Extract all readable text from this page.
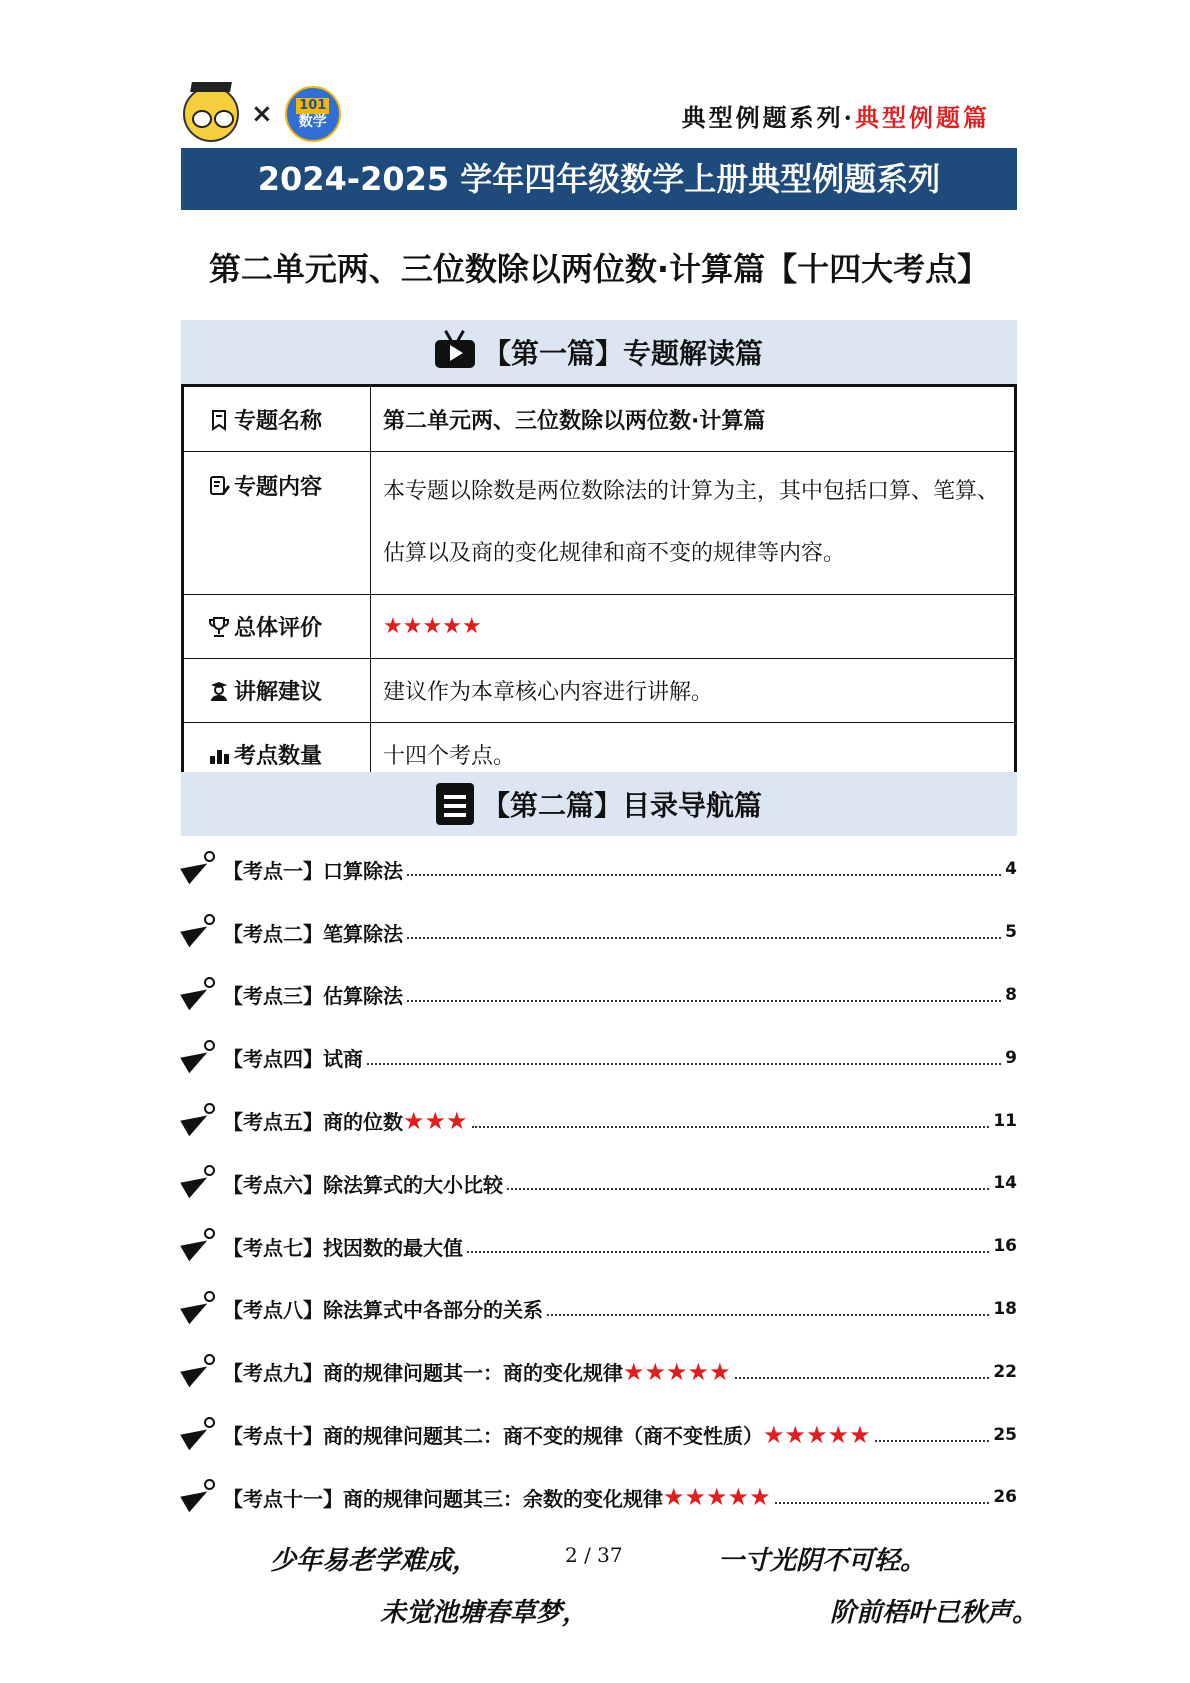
× 101
数学	典型例题系列·典型例题篇
2024-2025 学年四年级数学上册典型例题系列
第二单元两、三位数除以两位数·计算篇【十四大考点】
【第一篇】专题解读篇
专题名称	第二单元两、三位数除以两位数·计算篇
专题内容	本专题以除数是两位数除法的计算为主，其中包括口算、笔算、估算以及商的变化规律和商不变的规律等内容。
总体评价	★★★★★
讲解建议	建议作为本章核心内容进行讲解。
考点数量	十四个考点。
【第二篇】目录导航篇
【考点一】 口算除法	4
【考点二】 笔算除法	5
【考点三】 估算除法	8
【考点四】 试商	9
【考点五】 商的位数 ★★★	11
【考点六】 除法算式的大小比较	14
【考点七】 找因数的最大值	16
【考点八】 除法算式中各部分的关系	18
【考点九】 商的规律问题其一：商的变化规律 ★★★★★	22
【考点十】 商的规律问题其二：商不变的规律（商不变性质） ★★★★★	25
【考点十一】 商的规律问题其三：余数的变化规律 ★★★★★	26
少年易老学难成，	2 / 37	一寸光阴不可轻。
未觉池塘春草梦，	阶前梧叶已秋声。
